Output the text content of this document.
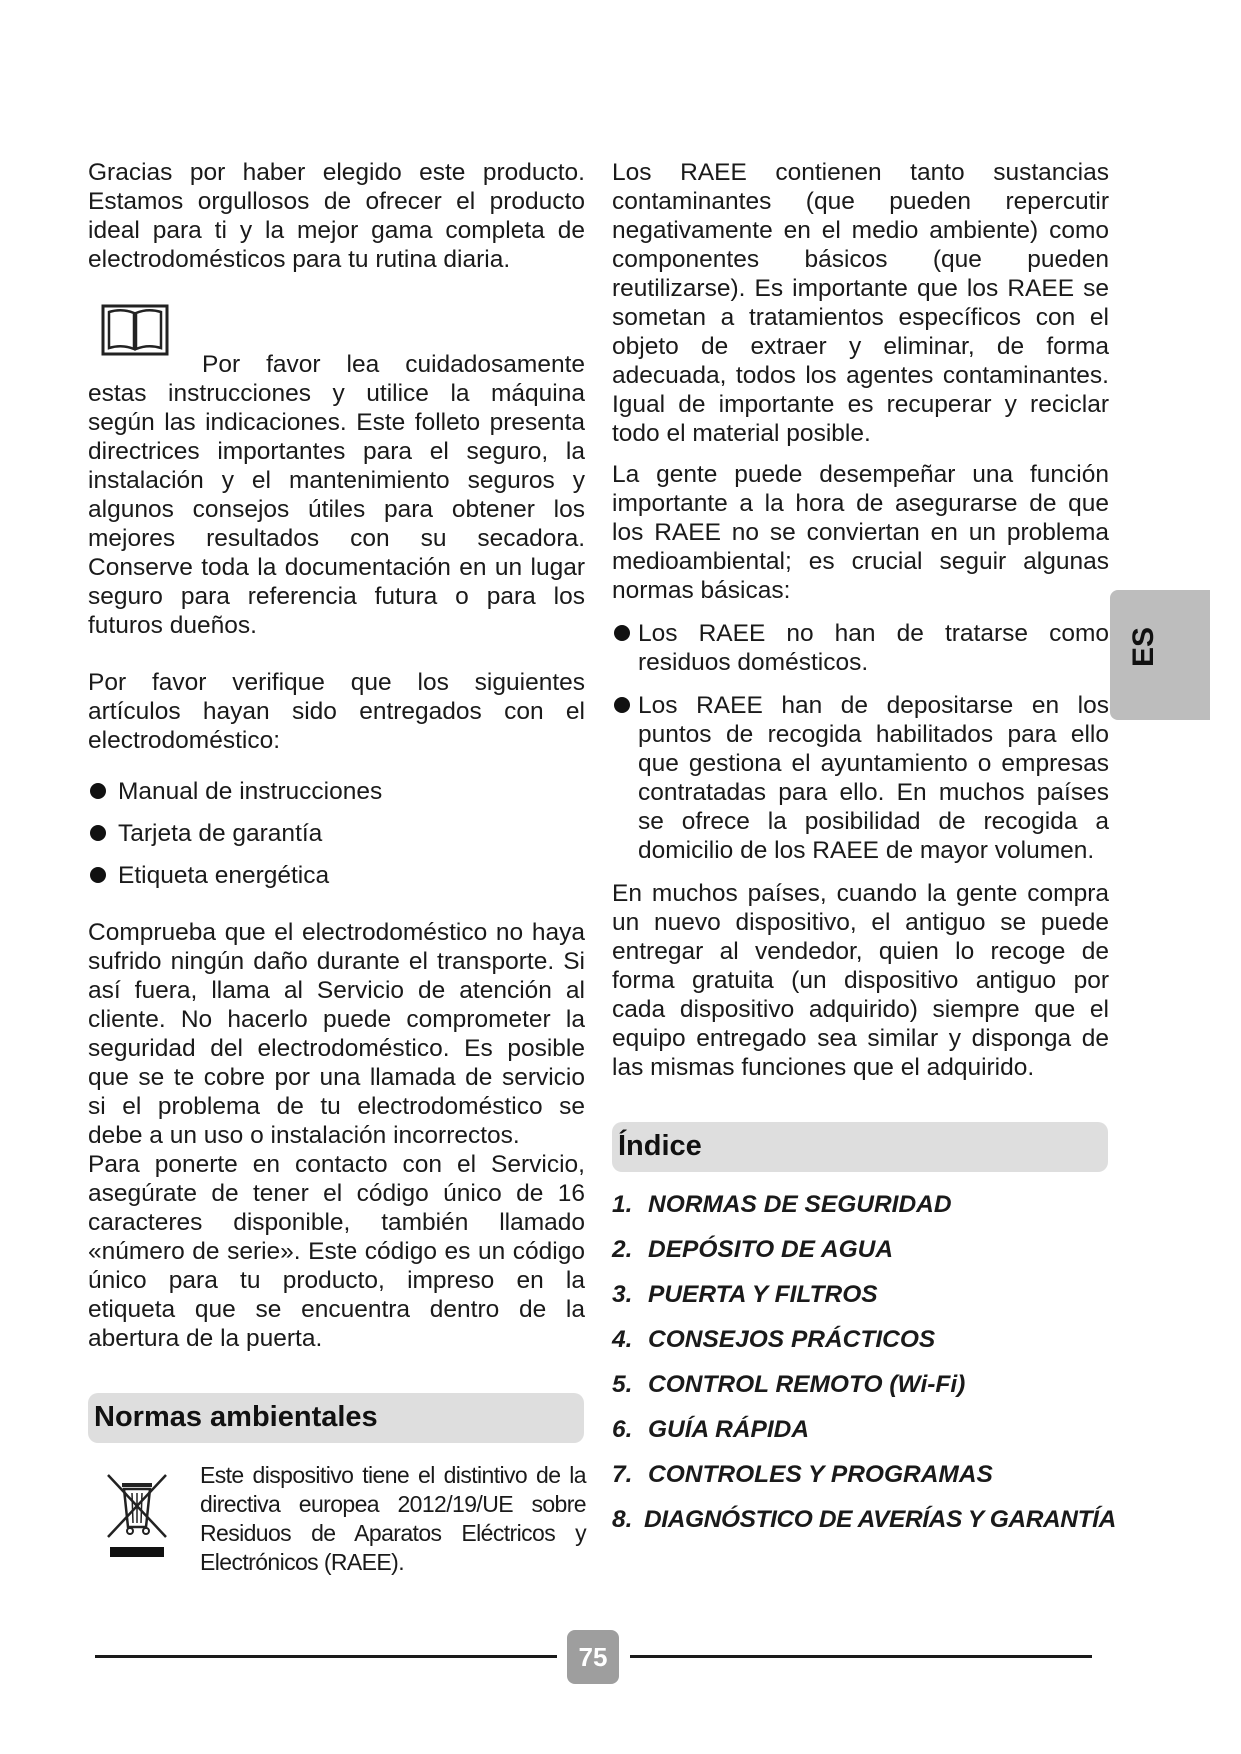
Gracias por haber elegido este producto. Estamos orgullosos de ofrecer el producto ideal para ti y la mejor gama completa de electrodomésticos para tu rutina diaria.

Por favor lea cuidadosamente

estas instrucciones y utilice la máquina según las indicaciones. Este folleto presenta directrices importantes para el seguro, la instalación y el mantenimiento seguros y algunos consejos útiles para obtener los mejores resultados con su secadora. Conserve toda la documentación en un lugar seguro para referencia futura o para los futuros dueños.

Por favor verifique que los siguientes artículos hayan sido entregados con el electrodoméstico:

Manual de instrucciones
Tarjeta de garantía
Etiqueta energética

Comprueba que el electrodoméstico no haya sufrido ningún daño durante el transporte. Si así fuera, llama al Servicio de atención al cliente. No hacerlo puede comprometer la seguridad del electrodoméstico. Es posible que se te cobre por una llamada de servicio si el problema de tu electrodoméstico se debe a un uso o instalación incorrectos.

Para ponerte en contacto con el Servicio, asegúrate de tener el código único de 16 caracteres disponible, también llamado «número de serie». Este código es un código único para tu producto, impreso en la etiqueta que se encuentra dentro de la abertura de la puerta.

Normas ambientales
Este dispositivo tiene el distintivo de la directiva europea 2012/19/UE sobre Residuos de Aparatos Eléctricos y Electrónicos (RAEE).

Los RAEE contienen tanto sustancias contaminantes (que pueden repercutir negativamente en el medio ambiente) como componentes básicos (que pueden reutilizarse). Es importante que los RAEE se sometan a tratamientos específicos con el objeto de extraer y eliminar, de forma adecuada, todos los agentes contaminantes. Igual de importante es recuperar y reciclar todo el material posible.

La gente puede desempeñar una función importante a la hora de asegurarse de que los RAEE no se conviertan en un problema medioambiental; es crucial seguir algunas normas básicas:

Los RAEE no han de tratarse como residuos domésticos.
Los RAEE han de depositarse en los puntos de recogida habilitados para ello que gestiona el ayuntamiento o empresas contratadas para ello. En muchos países se ofrece la posibilidad de recogida a domicilio de los RAEE de mayor volumen.

En muchos países, cuando la gente compra un nuevo dispositivo, el antiguo se puede entregar al vendedor, quien lo recoge de forma gratuita (un dispositivo antiguo por cada dispositivo adquirido) siempre que el equipo entregado sea similar y disponga de las mismas funciones que el adquirido.

Índice
1. NORMAS DE SEGURIDAD
2. DEPÓSITO DE AGUA
3. PUERTA Y FILTROS
4. CONSEJOS PRÁCTICOS
5. CONTROL REMOTO (Wi-Fi)
6. GUÍA RÁPIDA
7. CONTROLES Y PROGRAMAS
8. DIAGNÓSTICO DE AVERÍAS Y GARANTÍA
ES
75
